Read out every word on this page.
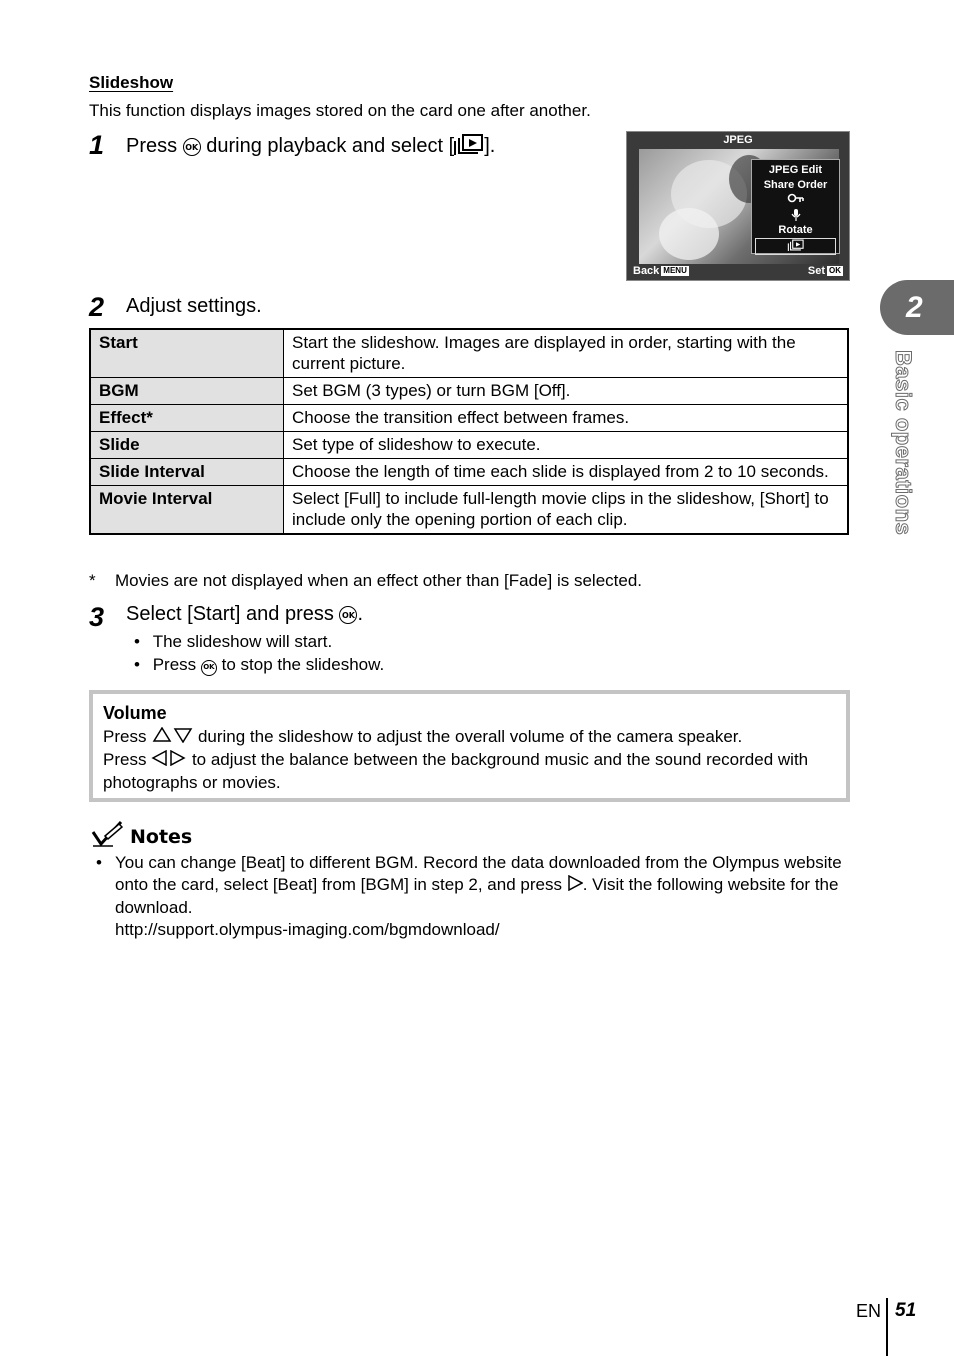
Slideshow
This function displays images stored on the card one after another.
1 Press OK during playback and select [ ].	JPEG
JPEG Edit
Share Order
Rotate
Back MENU	Set OK
2 Adjust settings.
Start	Start the slideshow. Images are displayed in order, starting with the current picture.
BGM	Set BGM (3 types) or turn BGM [Off].
Effect*	Choose the transition effect between frames.
Slide	Set type of slideshow to execute.
Slide Interval	Choose the length of time each slide is displayed from 2 to 10 seconds.
Movie Interval	Select [Full] to include full-length movie clips in the slideshow, [Short] to include only the opening portion of each clip.
* Movies are not displayed when an effect other than [Fade] is selected.
3 Select [Start] and press OK .
• The slideshow will start.
• Press OK to stop the slideshow.
Volume
Press	during the slideshow to adjust the overall volume of the camera speaker.
Press	to adjust the balance between the background music and the sound recorded with photographs or movies.
Notes
• You can change [Beat] to different BGM. Record the data downloaded from the Olympus website onto the card, select [Beat] from [BGM] in step 2, and press . Visit the following website for the download.
http://support.olympus-imaging.com/bgmdownload/
2
Basic operations
EN 51
